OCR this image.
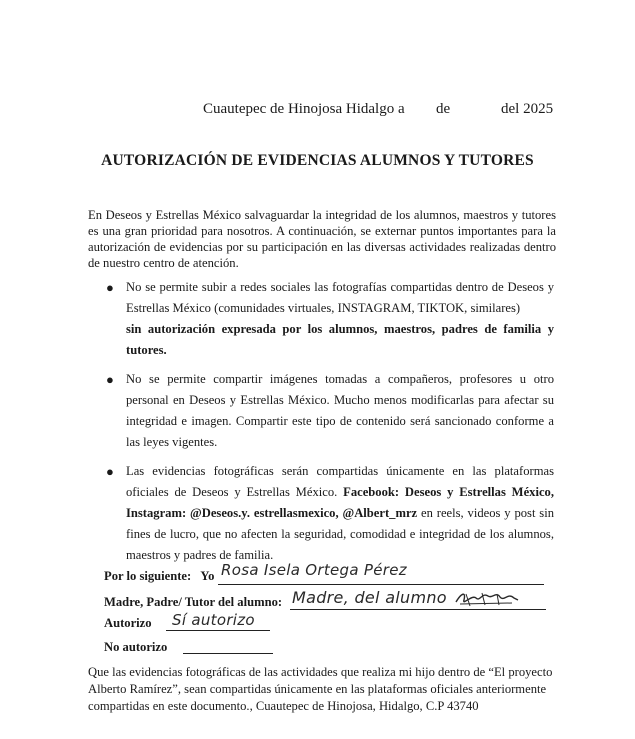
Cuautepec de Hinojosa Hidalgo a de	del 2025
AUTORIZACIÓN DE EVIDENCIAS ALUMNOS Y TUTORES
En Deseos y Estrellas México salvaguardar la integridad de los alumnos, maestros y tutores es una gran prioridad para nosotros. A continuación, se externar puntos importantes para la autorización de evidencias por su participación en las diversas actividades realizadas dentro de nuestro centro de atención.
● No se permite subir a redes sociales las fotografías compartidas dentro de Deseos y Estrellas México (comunidades virtuales, INSTAGRAM, TIKTOK, similares)
sin autorización expresada por los alumnos, maestros, padres de familia y tutores.
● No se permite compartir imágenes tomadas a compañeros, profesores u otro personal en Deseos y Estrellas México. Mucho menos modificarlas para afectar su integridad e imagen. Compartir este tipo de contenido será sancionado conforme a las leyes vigentes.
● Las evidencias fotográficas serán compartidas únicamente en las plataformas oficiales de Deseos y Estrellas México. Facebook: Deseos y Estrellas México, Instagram: @Deseos.y. estrellasmexico, @Albert_mrz en reels, videos y post sin fines de lucro, que no afecten la seguridad, comodidad e integridad de los alumnos, maestros y padres de familia.
Por lo siguiente: Yo Rosa Isela Ortega Pérez
Madre, Padre/ Tutor del alumno: Madre, del alumno
Autorizo Sí autorizo
No autorizo
Que las evidencias fotográficas de las actividades que realiza mi hijo dentro de “El proyecto Alberto Ramírez”, sean compartidas únicamente en las plataformas oficiales anteriormente compartidas en este documento., Cuautepec de Hinojosa, Hidalgo, C.P 43740
